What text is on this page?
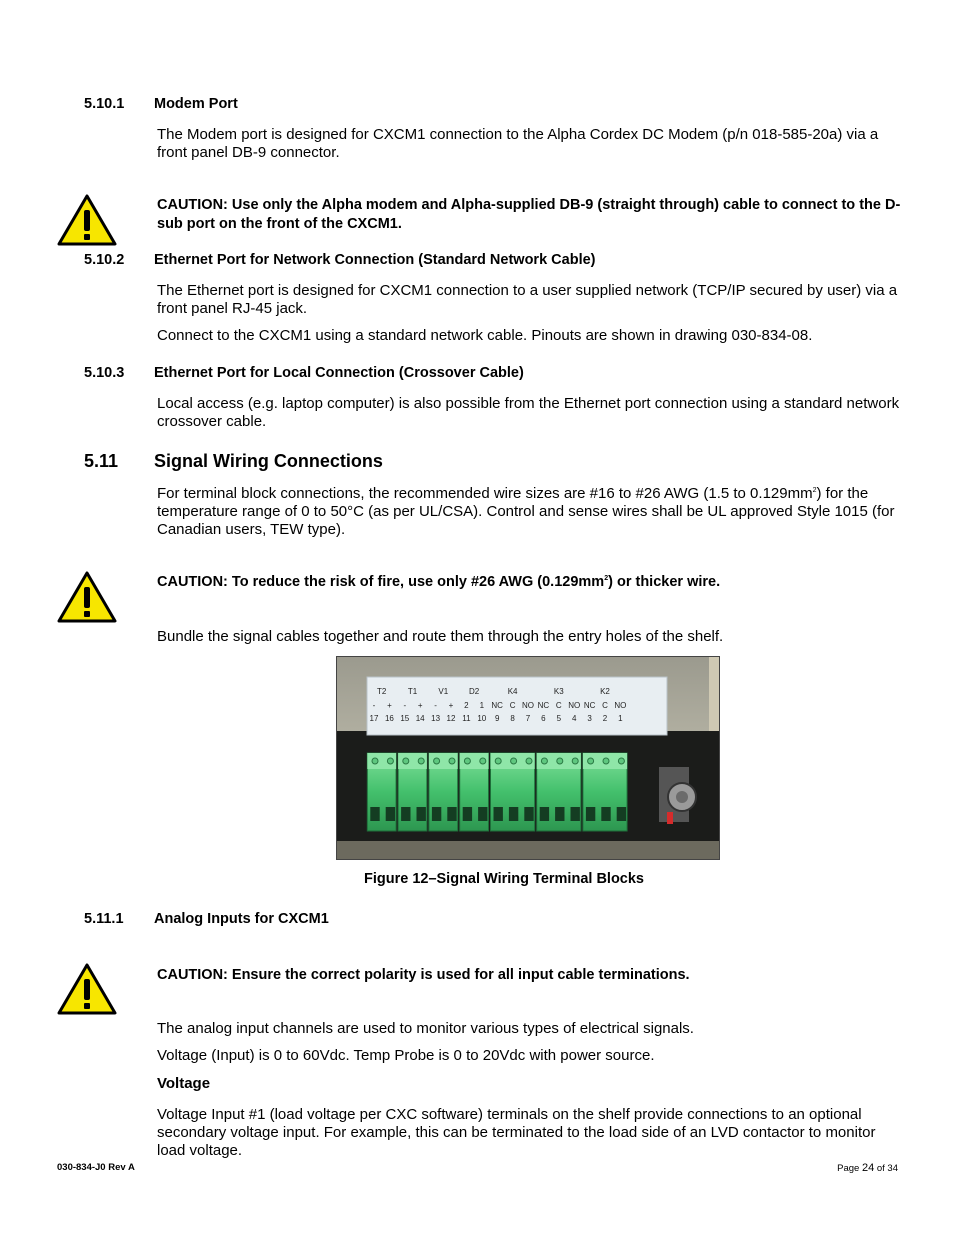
5.10.1 Modem Port
The Modem port is designed for CXCM1 connection to the Alpha Cordex DC Modem (p/n 018-585-20a) via a front panel DB-9 connector.
CAUTION: Use only the Alpha modem and Alpha-supplied DB-9 (straight through) cable to connect to the D-sub port on the front of the CXCM1.
5.10.2 Ethernet Port for Network Connection (Standard Network Cable)
The Ethernet port is designed for CXCM1 connection to a user supplied network (TCP/IP secured by user) via a front panel RJ-45 jack.
Connect to the CXCM1 using a standard network cable. Pinouts are shown in drawing 030-834-08.
5.10.3 Ethernet Port for Local Connection (Crossover Cable)
Local access (e.g. laptop computer) is also possible from the Ethernet port connection using a standard network crossover cable.
5.11 Signal Wiring Connections
For terminal block connections, the recommended wire sizes are #16 to #26 AWG (1.5 to $0.129mm^2$) for the temperature range of 0 to 50°C (as per UL/CSA). Control and sense wires shall be UL approved Style 1015 (for Canadian users, TEW type).
CAUTION: To reduce the risk of fire, use only #26 AWG $(0.129mm^2)$ or thicker wire.
Bundle the signal cables together and route them through the entry holes of the shelf.
T2	T1	V1	D2	K4	K3	K2
- + - + - + 2 1 NC C NO NC C NO NC C NO
17 16 15 14 13 12 11 10 9 8 7 6 5 4 3 2 1
Figure 12–Signal Wiring Terminal Blocks
5.11.1 Analog Inputs for CXCM1
CAUTION: Ensure the correct polarity is used for all input cable terminations.
The analog input channels are used to monitor various types of electrical signals.
Voltage (Input) is 0 to 60Vdc. Temp Probe is 0 to 20Vdc with power source.
Voltage
Voltage Input #1 (load voltage per CXC software) terminals on the shelf provide connections to an optional secondary voltage input. For example, this can be terminated to the load side of an LVD contactor to monitor load voltage.
030-834-J0 Rev A	Page 24 of 34
